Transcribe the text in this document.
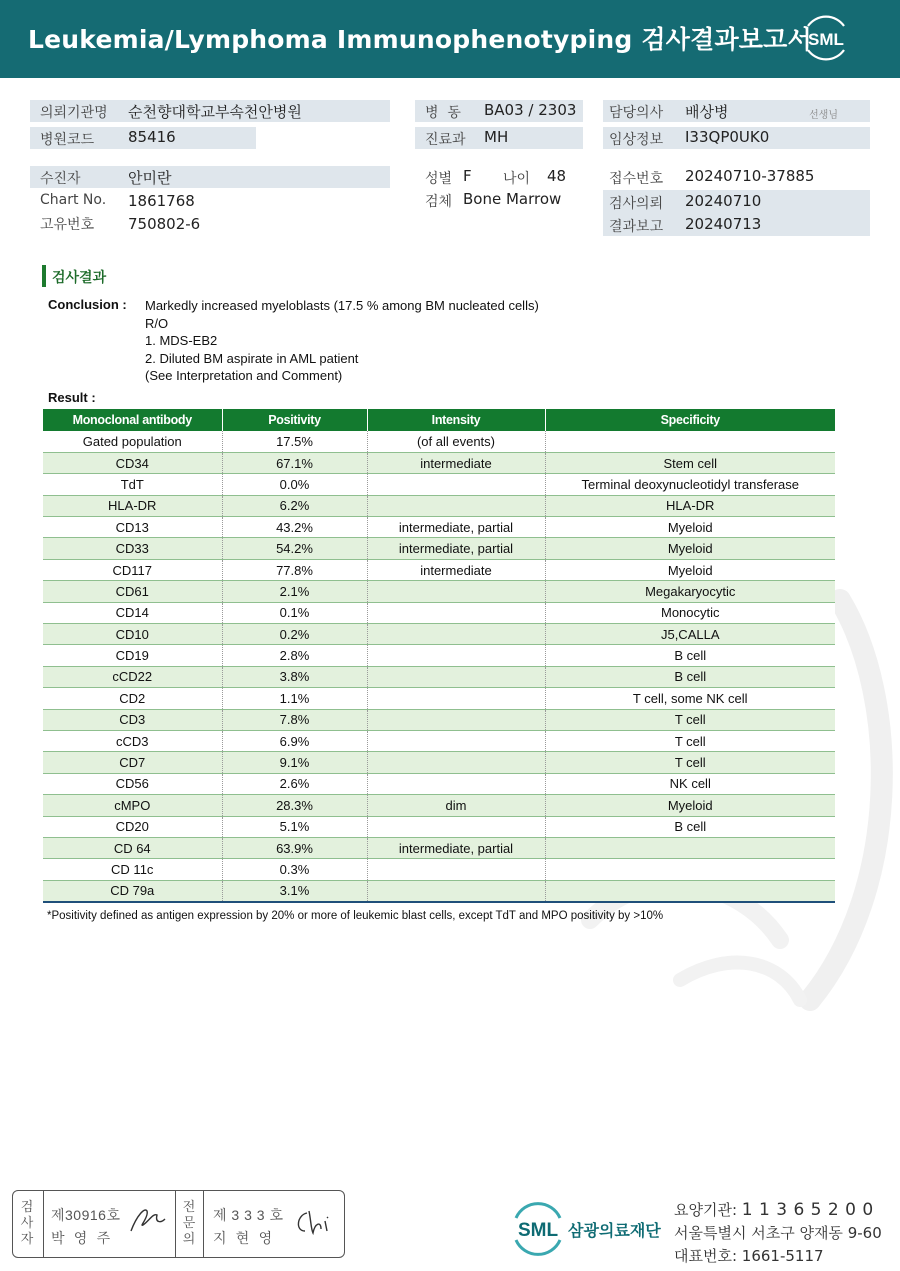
Leukemia/Lymphoma Immunophenotyping 검사결과보고서
SML
의뢰기관명 순천향대학교부속천안병원
병원코드 85416
병  동 BA03 / 2303
진료과 MH
담당의사 배상병	선생님
임상정보 I33QP0UK0
수진자	안미란
Chart No. 1861768
고유번호 750802-6
성별 F 나이 48
검체 Bone Marrow
접수번호 20240710-37885
검사의뢰 20240710
결과보고 20240713
검사결과
Conclusion : Markedly increased myeloblasts (17.5 % among BM nucleated cells)
R/O
1. MDS-EB2
2. Diluted BM aspirate in AML patient
(See Interpretation and Comment)
Result :
Monoclonal antibody	Positivity	Intensity	Specificity
Gated population	17.5%	(of all events)	
CD34	67.1%	intermediate	Stem cell
TdT	0.0%		Terminal deoxynucleotidyl transferase
HLA-DR	6.2%		HLA-DR
CD13	43.2%	intermediate, partial	Myeloid
CD33	54.2%	intermediate, partial	Myeloid
CD117	77.8%	intermediate	Myeloid
CD61	2.1%		Megakaryocytic
CD14	0.1%		Monocytic
CD10	0.2%		J5,CALLA
CD19	2.8%		B cell
cCD22	3.8%		B cell
CD2	1.1%		T cell, some NK cell
CD3	7.8%		T cell
cCD3	6.9%		T cell
CD7	9.1%		T cell
CD56	2.6%		NK cell
cMPO	28.3%	dim	Myeloid
CD20	5.1%		B cell
CD 64	63.9%	intermediate, partial	
CD 11c	0.3%		
CD 79a	3.1%		
*Positivity defined as antigen expression by 20% or more of leukemic blast cells, except TdT and MPO positivity by >10%
검사자
제30916호
박  영  주
전문의
제 3 3 3 호
지  현  영	SML 삼광의료재단
요양기관: 1 1 3 6 5 2 0 0
서울특별시 서초구 양재동 9-60
대표번호: 1661-5117
